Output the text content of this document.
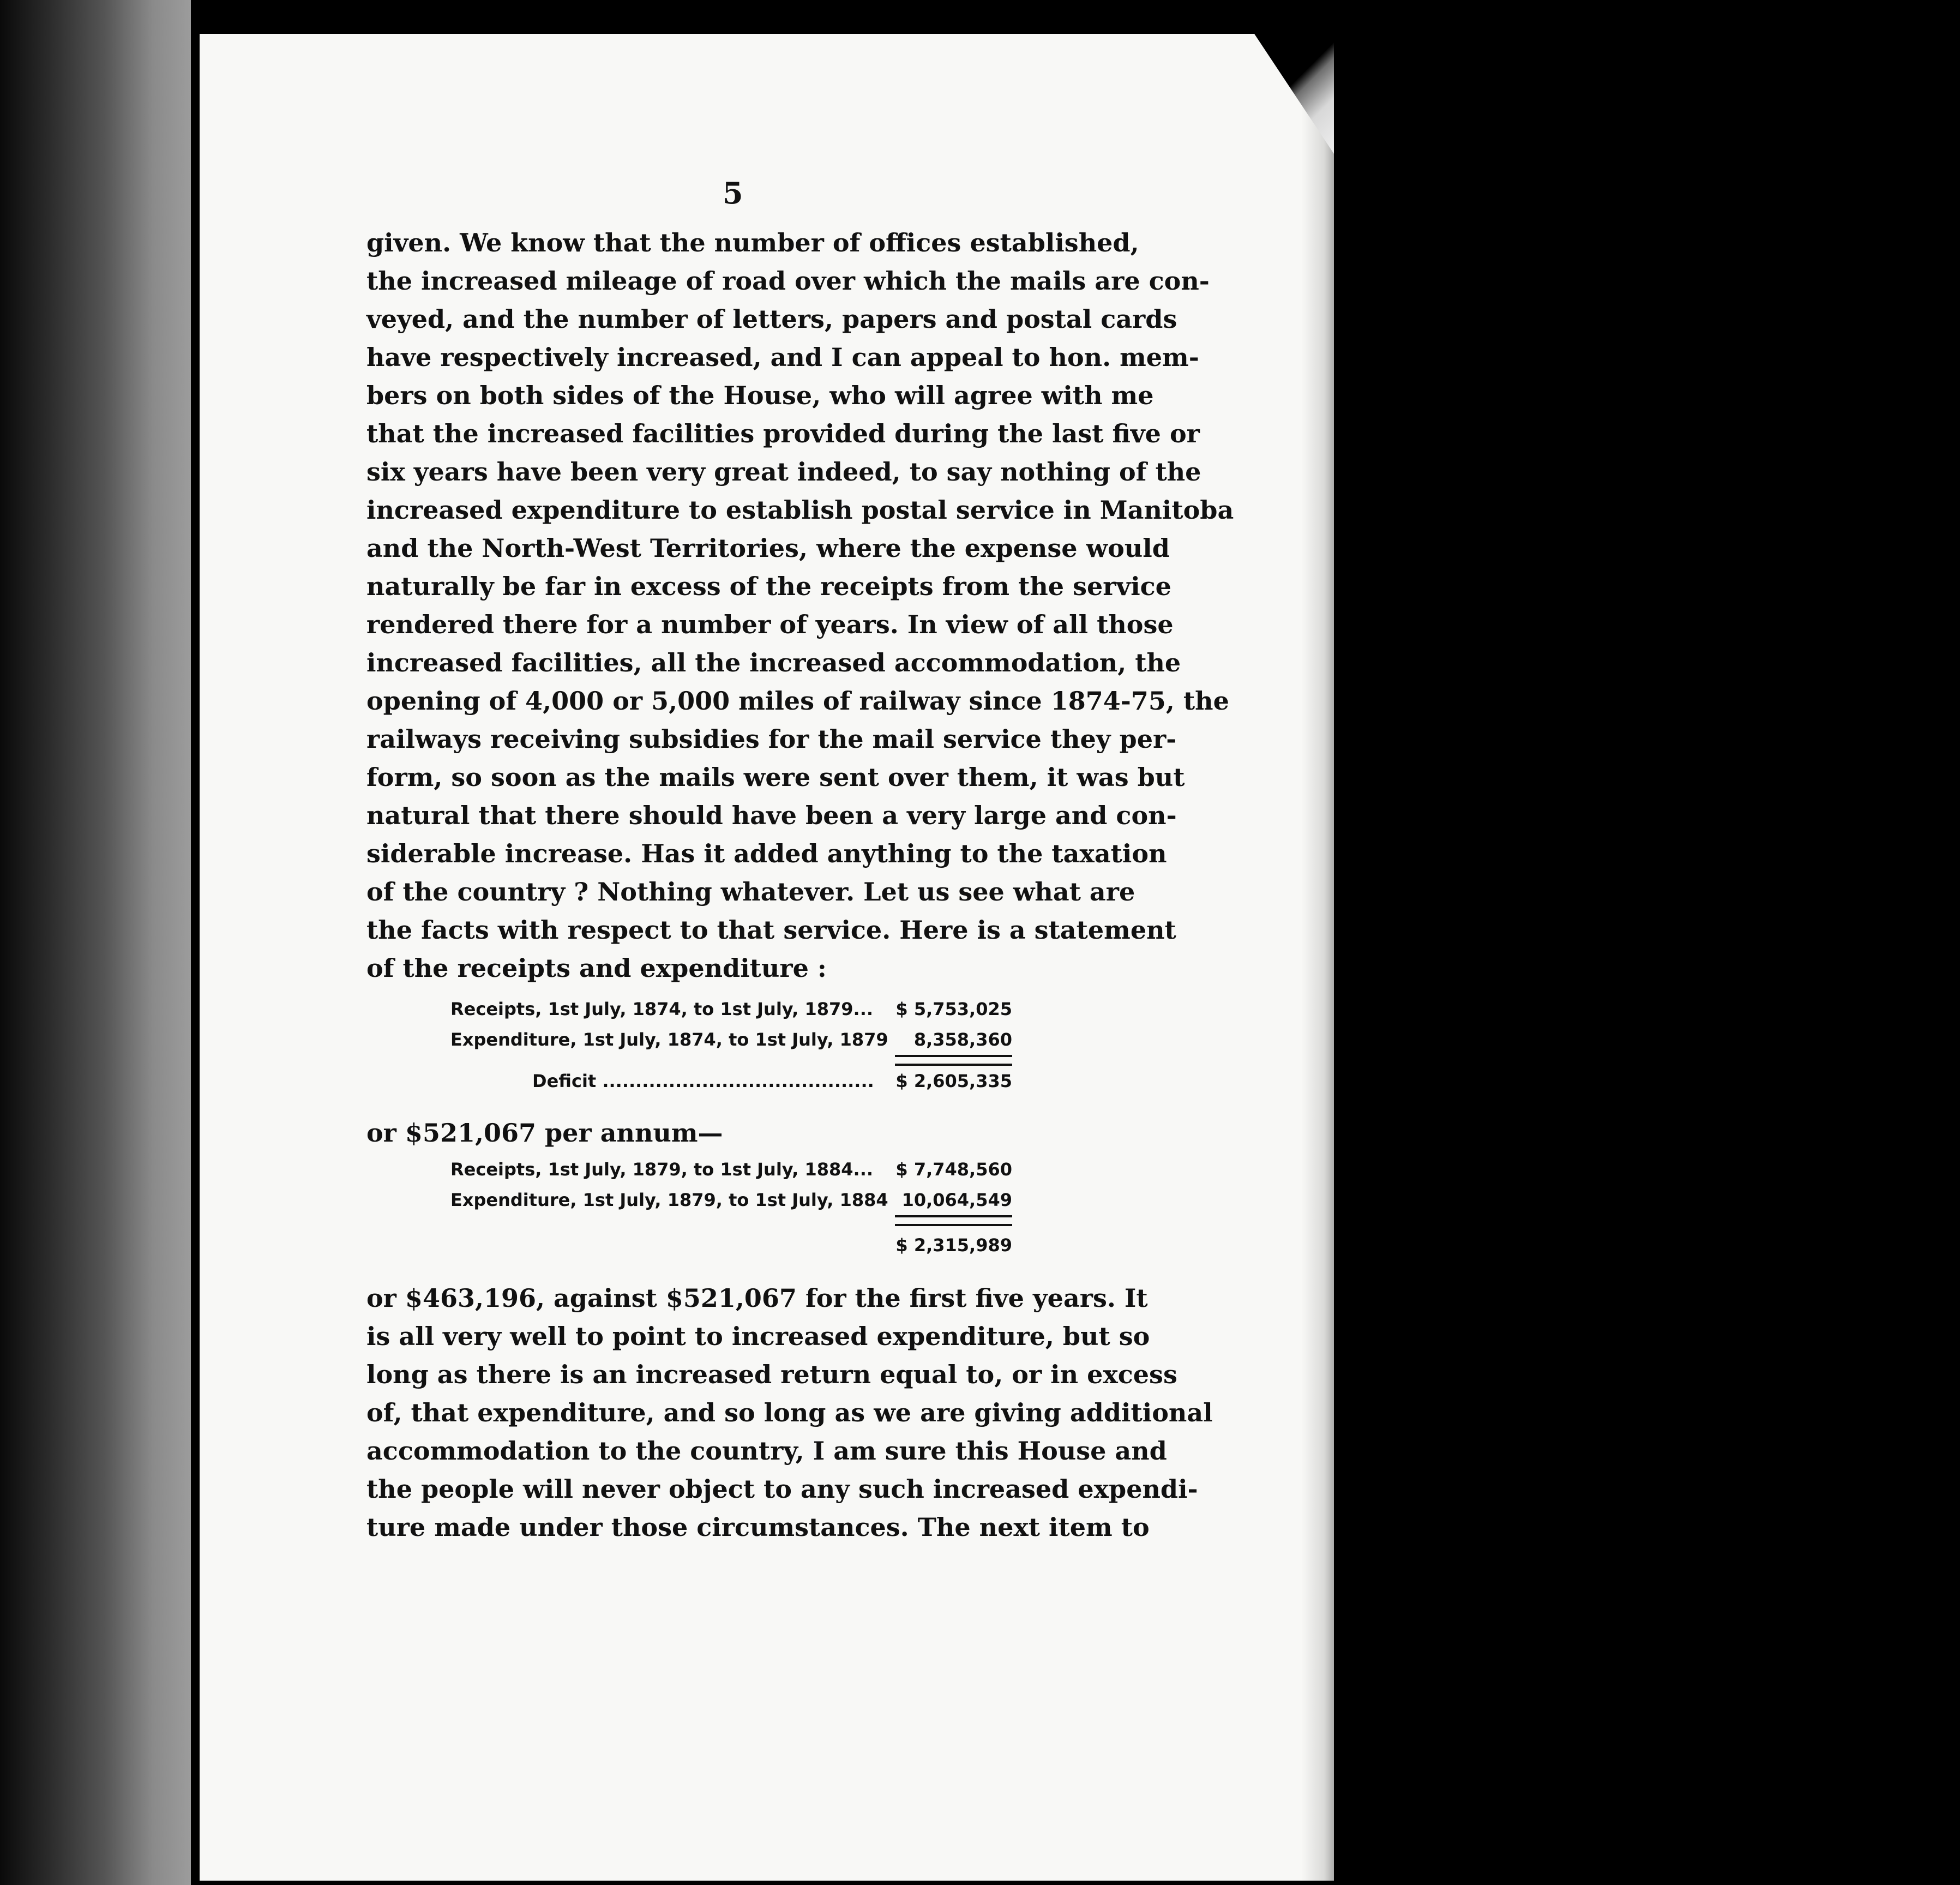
5
given. We know that the number of offices established,
the increased mileage of road over which the mails are con-
veyed, and the number of letters, papers and postal cards
have respectively increased, and I can appeal to hon. mem-
bers on both sides of the House, who will agree with me
that the increased facilities provided during the last five or
six years have been very great indeed, to say nothing of the
increased expenditure to establish postal service in Manitoba
and the North-West Territories, where the expense would
naturally be far in excess of the receipts from the service
rendered there for a number of years. In view of all those
increased facilities, all the increased accommodation, the
opening of 4,000 or 5,000 miles of railway since 1874-75, the
railways receiving subsidies for the mail service they per-
form, so soon as the mails were sent over them, it was but
natural that there should have been a very large and con-
siderable increase. Has it added anything to the taxation
of the country ? Nothing whatever. Let us see what are
the facts with respect to that service. Here is a statement
of the receipts and expenditure :
Receipts, 1st July, 1874, to 1st July, 1879... $ 5,753,025
Expenditure, 1st July, 1874, to 1st July, 1879 8,358,360
Deficit ......................................... $ 2,605,335
or $521,067 per annum—
Receipts, 1st July, 1879, to 1st July, 1884... $ 7,748,560
Expenditure, 1st July, 1879, to 1st July, 1884 10,064,549
$ 2,315,989
or $463,196, against $521,067 for the first five years. It
is all very well to point to increased expenditure, but so
long as there is an increased return equal to, or in excess
of, that expenditure, and so long as we are giving additional
accommodation to the country, I am sure this House and
the people will never object to any such increased expendi-
ture made under those circumstances. The next item to
